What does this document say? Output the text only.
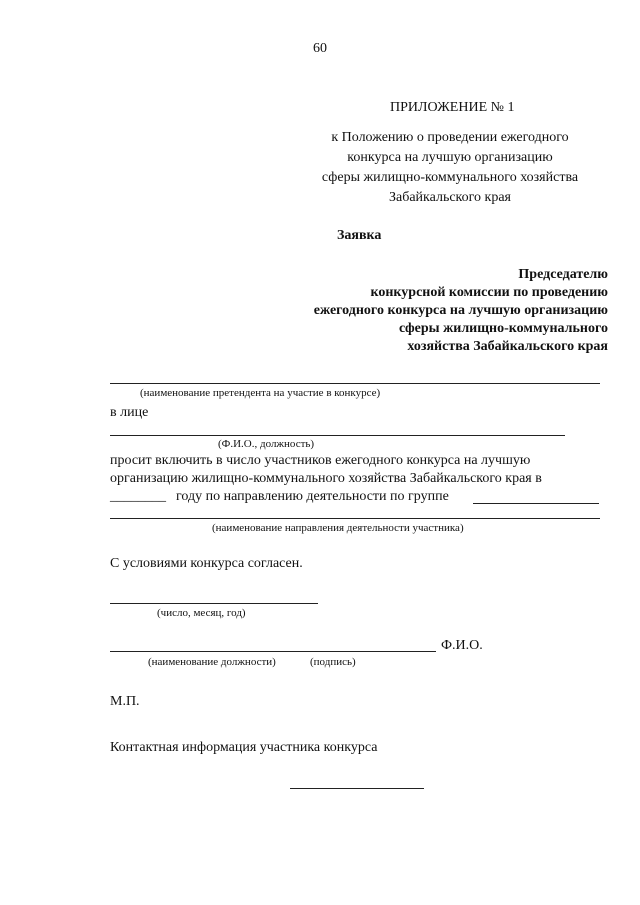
60
ПРИЛОЖЕНИЕ № 1
к Положению о проведении ежегодного
конкурса на лучшую организацию
сферы жилищно-коммунального хозяйства
Забайкальского края
Заявка
Председателю
конкурсной комиссии по проведению
ежегодного конкурса на лучшую организацию
сферы жилищно-коммунального
хозяйства Забайкальского края
(наименование претендента на участие в конкурсе)
в лице
(Ф.И.О., должность)
просит включить в число участников ежегодного конкурса на лучшую
организацию жилищно-коммунального хозяйства Забайкальского края в
________ году по направлению деятельности по группе
(наименование направления деятельности участника)
С условиями конкурса согласен.
(число, месяц, год)
Ф.И.О.
(наименование должности)	(подпись)
М.П.
Контактная информация участника конкурса
